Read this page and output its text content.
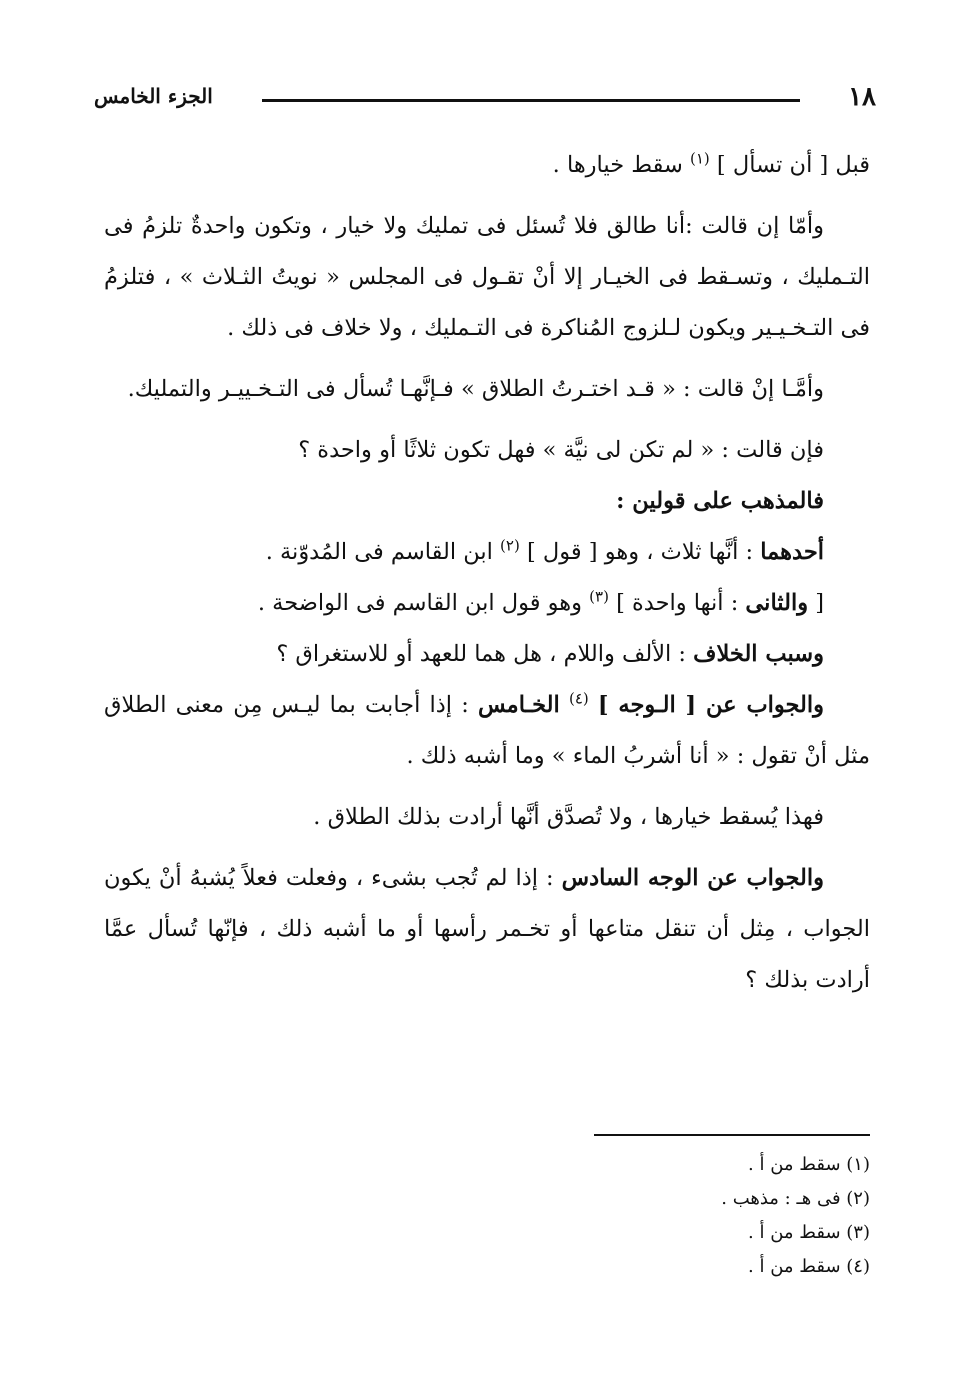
١٨
الجزء الخامس

قبل [ أن تسأل ] $^{(١)}$ سقط خيارها .

وأمّا إن قالت :أنا طالق فلا تُسئل فى تمليك ولا خيار ، وتكون واحدةٌ تلزمُ فى التـمليك ، وتسـقط فى الخيـار إلا أنْ تقـول فى المجلس « نويتُ الثـلاث » ، فتلزمُ فى التـخـيـير ويكون لـلزوج المُناكرة فى التـمليك ، ولا خلاف فى ذلك .

وأمَّـا إنْ قالت : « قـد اختـرتُ الطلاق » فـإنَّهـا تُسأل فى التـخـييـر والتمليك.

فإن قالت : « لم تكن لى نيَّة » فهل تكون ثلاثًا أو واحدة ؟

فالمذهب على قولين :

أحدهما : أنَّها ثلاث ، وهو [ قول ] $^{(٢)}$ ابن القاسم فى المُدوّنة .

[ والثانى : أنها واحدة ] $^{(٣)}$ وهو قول ابن القاسم فى الواضحة .

وسبب الخلاف : الألف واللام ، هل هما للعهد أو للاستغراق ؟

والجواب عن [ الـوجه ] $^{(٤)}$ الخـامس : إذا أجابت بما ليـس مِن معنى الطلاق مثل أنْ تقول : « أنا أشربُ الماء » وما أشبه ذلك .

فهذا يُسقط خيارها ، ولا تُصدَّق أنَّها أرادت بذلك الطلاق .

والجواب عن الوجه السادس : إذا لم تُجب بشىء ، وفعلت فعلاً يُشبهُ أنْ يكون الجواب ، مِثل أن تنقل متاعها أو تخـمر رأسها أو ما أشبه ذلك ، فإنّها تُسأل عمَّا أرادت بذلك ؟

(١) سقط من أ .
(٢) فى هـ : مذهب .
(٣) سقط من أ .
(٤) سقط من أ .
